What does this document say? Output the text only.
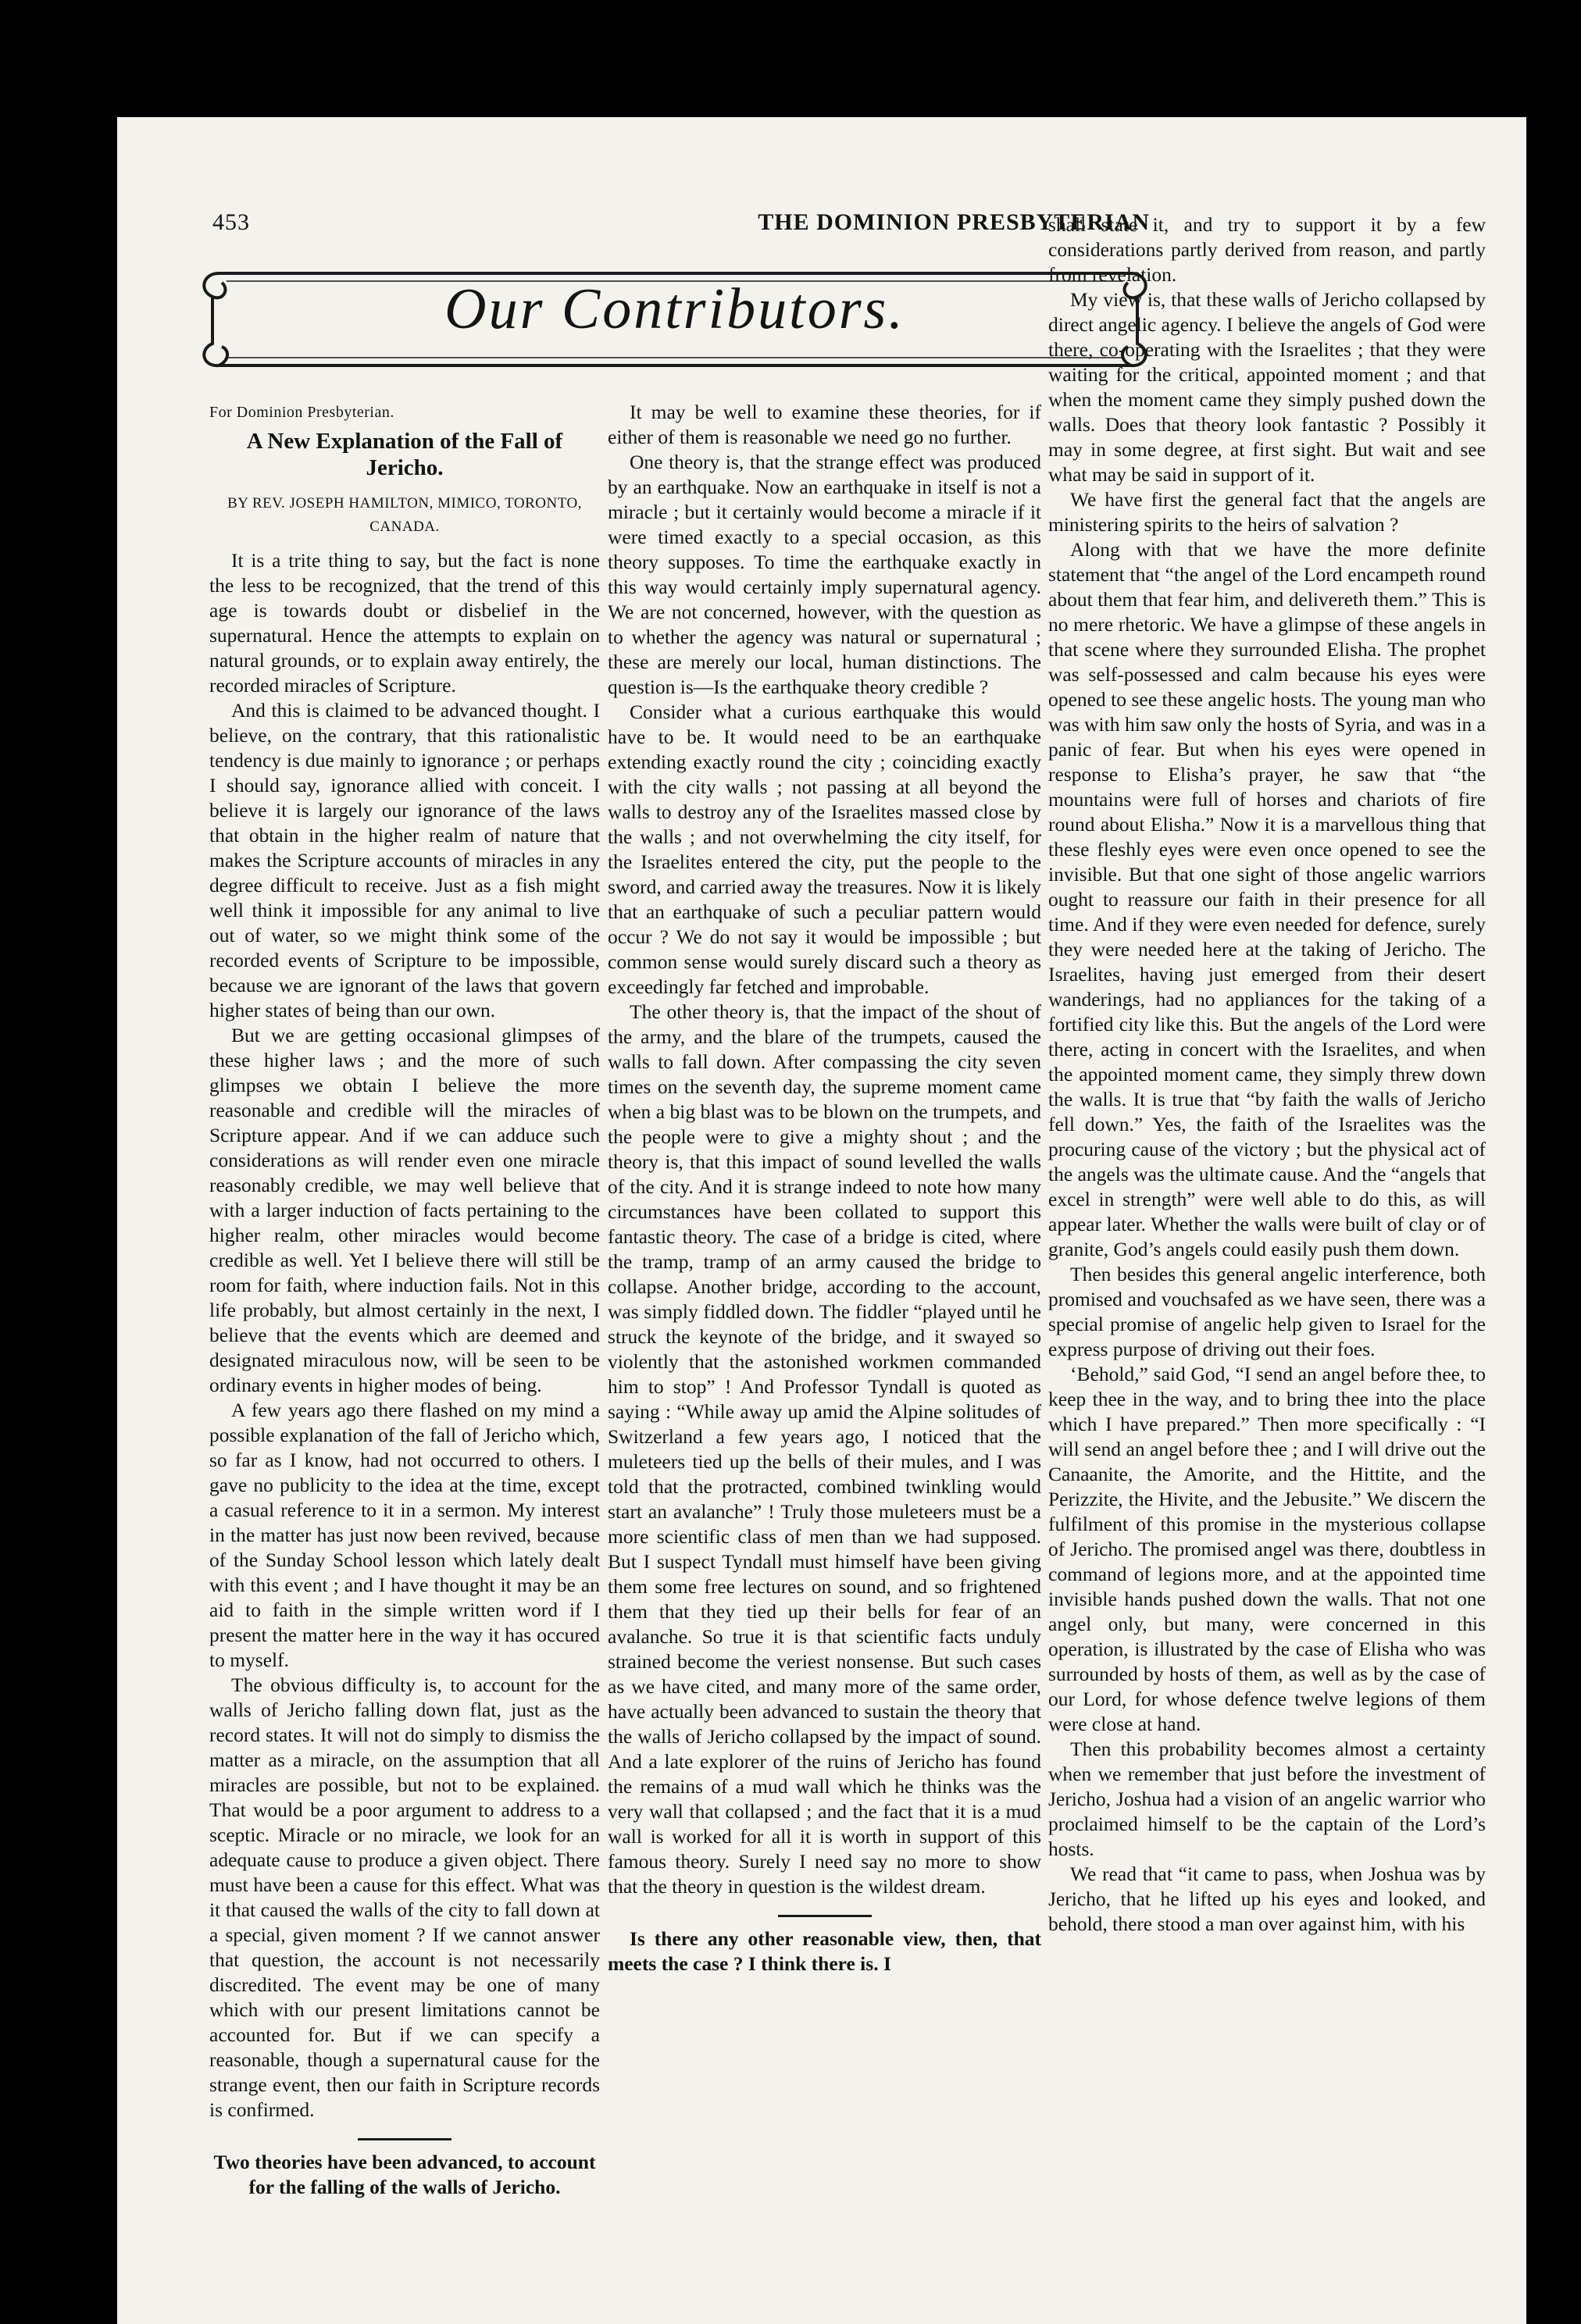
453	THE DOMINION PRESBYTERIAN
Our Contributors.

For Dominion Presbyterian.

A New Explanation of the Fall of Jericho.
BY REV. JOSEPH HAMILTON, MIMICO, TORONTO, CANADA.

It is a trite thing to say, but the fact is none the less to be recognized, that the trend of this age is towards doubt or disbelief in the supernatural. Hence the attempts to explain on natural grounds, or to explain away entirely, the recorded miracles of Scripture.

And this is claimed to be advanced thought. I believe, on the contrary, that this rationalistic tendency is due mainly to ignorance ; or perhaps I should say, ignorance allied with conceit. I believe it is largely our ignorance of the laws that obtain in the higher realm of nature that makes the Scripture accounts of miracles in any degree difficult to receive. Just as a fish might well think it impossible for any animal to live out of water, so we might think some of the recorded events of Scripture to be impossible, because we are ignorant of the laws that govern higher states of being than our own.

But we are getting occasional glimpses of these higher laws ; and the more of such glimpses we obtain I believe the more reasonable and credible will the miracles of Scripture appear. And if we can adduce such considerations as will render even one miracle reasonably credible, we may well believe that with a larger induction of facts pertaining to the higher realm, other miracles would become credible as well. Yet I believe there will still be room for faith, where induction fails. Not in this life probably, but almost certainly in the next, I believe that the events which are deemed and designated miraculous now, will be seen to be ordinary events in higher modes of being.

A few years ago there flashed on my mind a possible explanation of the fall of Jericho which, so far as I know, had not occurred to others. I gave no publicity to the idea at the time, except a casual reference to it in a sermon. My interest in the matter has just now been revived, because of the Sunday School lesson which lately dealt with this event ; and I have thought it may be an aid to faith in the simple written word if I present the matter here in the way it has occured to myself.

The obvious difficulty is, to account for the walls of Jericho falling down flat, just as the record states. It will not do simply to dismiss the matter as a miracle, on the assumption that all miracles are possible, but not to be explained. That would be a poor argument to address to a sceptic. Miracle or no miracle, we look for an adequate cause to produce a given object. There must have been a cause for this effect. What was it that caused the walls of the city to fall down at a special, given moment ? If we cannot answer that question, the account is not necessarily discredited. The event may be one of many which with our present limitations cannot be accounted for. But if we can specify a reasonable, though a supernatural cause for the strange event, then our faith in Scripture records is confirmed.

Two theories have been advanced, to account for the falling of the walls of Jericho.

It may be well to examine these theories, for if either of them is reasonable we need go no further.

One theory is, that the strange effect was produced by an earthquake. Now an earthquake in itself is not a miracle ; but it certainly would become a miracle if it were timed exactly to a special occasion, as this theory supposes. To time the earthquake exactly in this way would certainly imply supernatural agency. We are not concerned, however, with the question as to whether the agency was natural or supernatural ; these are merely our local, human distinctions. The question is—Is the earthquake theory credible ?

Consider what a curious earthquake this would have to be. It would need to be an earthquake extending exactly round the city ; coinciding exactly with the city walls ; not passing at all beyond the walls to destroy any of the Israelites massed close by the walls ; and not overwhelming the city itself, for the Israelites entered the city, put the people to the sword, and carried away the treasures. Now it is likely that an earthquake of such a peculiar pattern would occur ? We do not say it would be impossible ; but common sense would surely discard such a theory as exceedingly far fetched and improbable.

The other theory is, that the impact of the shout of the army, and the blare of the trumpets, caused the walls to fall down. After compassing the city seven times on the seventh day, the supreme moment came when a big blast was to be blown on the trumpets, and the people were to give a mighty shout ; and the theory is, that this impact of sound levelled the walls of the city. And it is strange indeed to note how many circumstances have been collated to support this fantastic theory. The case of a bridge is cited, where the tramp, tramp of an army caused the bridge to collapse. Another bridge, according to the account, was simply fiddled down. The fiddler “played until he struck the keynote of the bridge, and it swayed so violently that the astonished workmen commanded him to stop” ! And Professor Tyndall is quoted as saying : “While away up amid the Alpine solitudes of Switzerland a few years ago, I noticed that the muleteers tied up the bells of their mules, and I was told that the protracted, combined twinkling would start an avalanche” ! Truly those muleteers must be a more scientific class of men than we had supposed. But I suspect Tyndall must himself have been giving them some free lectures on sound, and so frightened them that they tied up their bells for fear of an avalanche. So true it is that scientific facts unduly strained become the veriest nonsense. But such cases as we have cited, and many more of the same order, have actually been advanced to sustain the theory that the walls of Jericho collapsed by the impact of sound. And a late explorer of the ruins of Jericho has found the remains of a mud wall which he thinks was the very wall that collapsed ; and the fact that it is a mud wall is worked for all it is worth in support of this famous theory. Surely I need say no more to show that the theory in question is the wildest dream.

Is there any other reasonable view, then, that meets the case ? I think there is. I

shall state it, and try to support it by a few considerations partly derived from reason, and partly from revelation.

My view is, that these walls of Jericho collapsed by direct angelic agency. I believe the angels of God were there, co-operating with the Israelites ; that they were waiting for the critical, appointed moment ; and that when the moment came they simply pushed down the walls. Does that theory look fantastic ? Possibly it may in some degree, at first sight. But wait and see what may be said in support of it.

We have first the general fact that the angels are ministering spirits to the heirs of salvation ?

Along with that we have the more definite statement that “the angel of the Lord encampeth round about them that fear him, and delivereth them.” This is no mere rhetoric. We have a glimpse of these angels in that scene where they surrounded Elisha. The prophet was self-possessed and calm because his eyes were opened to see these angelic hosts. The young man who was with him saw only the hosts of Syria, and was in a panic of fear. But when his eyes were opened in response to Elisha’s prayer, he saw that “the mountains were full of horses and chariots of fire round about Elisha.” Now it is a marvellous thing that these fleshly eyes were even once opened to see the invisible. But that one sight of those angelic warriors ought to reassure our faith in their presence for all time. And if they were even needed for defence, surely they were needed here at the taking of Jericho. The Israelites, having just emerged from their desert wanderings, had no appliances for the taking of a fortified city like this. But the angels of the Lord were there, acting in concert with the Israelites, and when the appointed moment came, they simply threw down the walls. It is true that “by faith the walls of Jericho fell down.” Yes, the faith of the Israelites was the procuring cause of the victory ; but the physical act of the angels was the ultimate cause. And the “angels that excel in strength” were well able to do this, as will appear later. Whether the walls were built of clay or of granite, God’s angels could easily push them down.

Then besides this general angelic interference, both promised and vouchsafed as we have seen, there was a special promise of angelic help given to Israel for the express purpose of driving out their foes.

‘Behold,” said God, “I send an angel before thee, to keep thee in the way, and to bring thee into the place which I have prepared.” Then more specifically : “I will send an angel before thee ; and I will drive out the Canaanite, the Amorite, and the Hittite, and the Perizzite, the Hivite, and the Jebusite.” We discern the fulfilment of this promise in the mysterious collapse of Jericho. The promised angel was there, doubtless in command of legions more, and at the appointed time invisible hands pushed down the walls. That not one angel only, but many, were concerned in this operation, is illustrated by the case of Elisha who was surrounded by hosts of them, as well as by the case of our Lord, for whose defence twelve legions of them were close at hand.

Then this probability becomes almost a certainty when we remember that just before the investment of Jericho, Joshua had a vision of an angelic warrior who proclaimed himself to be the captain of the Lord’s hosts.

We read that “it came to pass, when Joshua was by Jericho, that he lifted up his eyes and looked, and behold, there stood a man over against him, with his
